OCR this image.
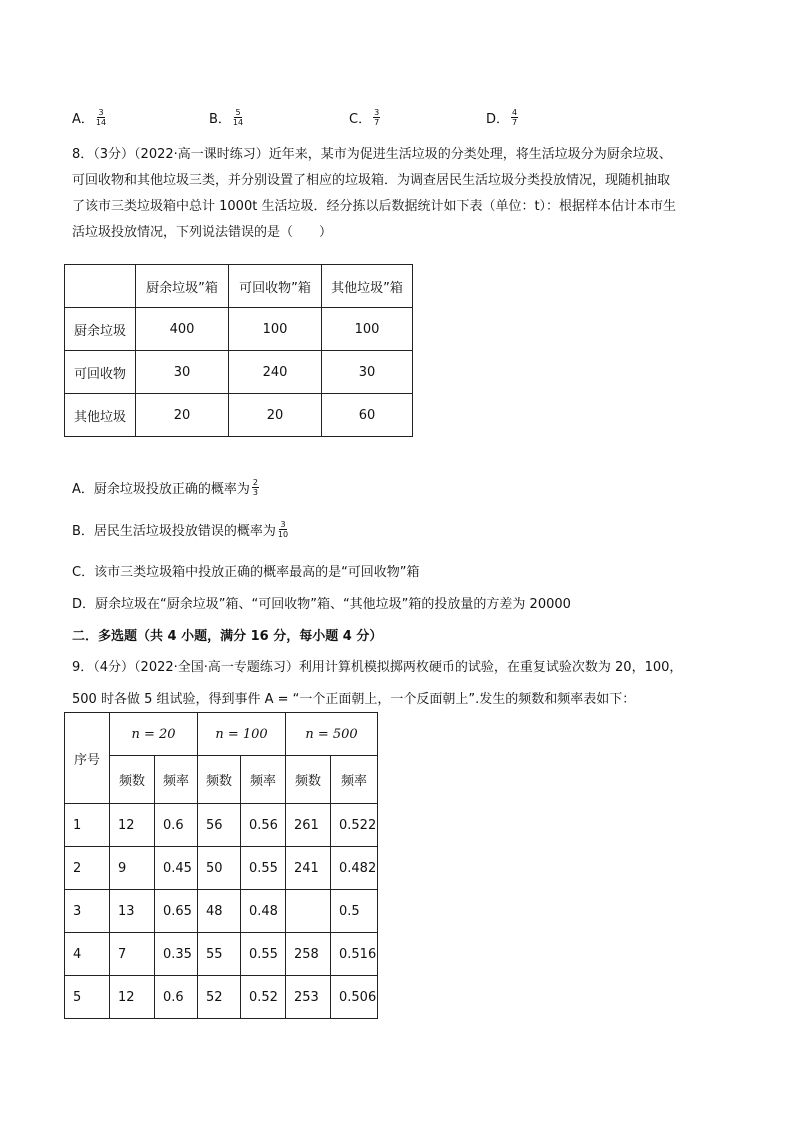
A． $\frac{3}{14}$	B． $\frac{5}{14}$	C． $\frac{3}{7}$	D． $\frac{4}{7}$
8．（3分）（2022·高一课时练习）近年来，某市为促进生活垃圾的分类处理，将生活垃圾分为厨余垃圾、
可回收物和其他垃圾三类，并分别设置了相应的垃圾箱．为调查居民生活垃圾分类投放情况，现随机抽取
了该市三类垃圾箱中总计 1000t 生活垃圾．经分拣以后数据统计如下表（单位：t）：根据样本估计本市生
活垃圾投放情况，下列说法错误的是（　　）
	厨余垃圾”箱	可回收物”箱	其他垃圾”箱
厨余垃圾	400	100	100
可回收物	30	240	30
其他垃圾	20	20	60
A．厨余垃圾投放正确的概率为 $\frac{2}{3}$
B．居民生活垃圾投放错误的概率为 $\frac{3}{10}$
C．该市三类垃圾箱中投放正确的概率最高的是“可回收物”箱
D．厨余垃圾在“厨余垃圾”箱、“可回收物”箱、“其他垃圾”箱的投放量的方差为 20000
二．多选题（共 4 小题，满分 16 分，每小题 4 分）
9．（4分）（2022·全国·高一专题练习）利用计算机模拟掷两枚硬币的试验，在重复试验次数为 20，100，
500 时各做 5 组试验，得到事件 A = “一个正面朝上，一个反面朝上”.发生的频数和频率表如下：
序号	n = 20		n = 100		n = 500	
	频数	频率	频数	频率	频数	频率
1	12	0.6	56	0.56	261	0.522
2	9	0.45	50	0.55	241	0.482
3	13	0.65	48	0.48		0.5
4	7	0.35	55	0.55	258	0.516
5	12	0.6	52	0.52	253	0.506
